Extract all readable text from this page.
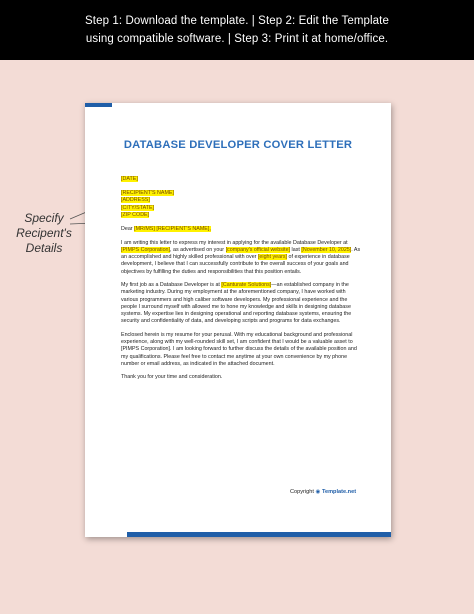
Step 1: Download the template. | Step 2: Edit the Template
using compatible software. | Step 3: Print it at home/office.
Specify
Recipent's
Details
DATABASE DEVELOPER COVER LETTER
[DATE]
[RECIPIENT'S NAME]
[ADDRESS]
[CITY/STATE]
[ZIP CODE]

Dear [MR/MS] [RECIPIENT'S NAME],

I am writing this letter to express my interest in applying for the available Database Developer at [PIMPS Corporation], as advertised on your [company's official website] last [November 10, 2025]. As an accomplished and highly skilled professional with over [eight years] of experience in database development, I believe that I can successfully contribute to the overall success of your goals and objectives by fulfilling the duties and responsibilities that this position entails.

My first job as a Database Developer is at [Canturate Solutions]—an established company in the marketing industry. During my employment at the aforementioned company, I have worked with various programmers and high caliber software developers. My professional experience and the people I surround myself with allowed me to hone my knowledge and skills in designing database systems. My expertise lies in designing operational and reporting database systems, ensuring the security and confidentiality of data, and developing scripts and programs for data exchanges.

Enclosed herein is my resume for your perusal. With my educational background and professional experience, along with my well-rounded skill set, I am confident that I would be a valuable asset to [PIMPS Corporation]. I am looking forward to further discuss the details of the available position and my qualifications. Please feel free to contact me anytime at your own convenience by my phone number or email address, as indicated in the attached document.

Thank you for your time and consideration.

Copyright ◉ Template.net
